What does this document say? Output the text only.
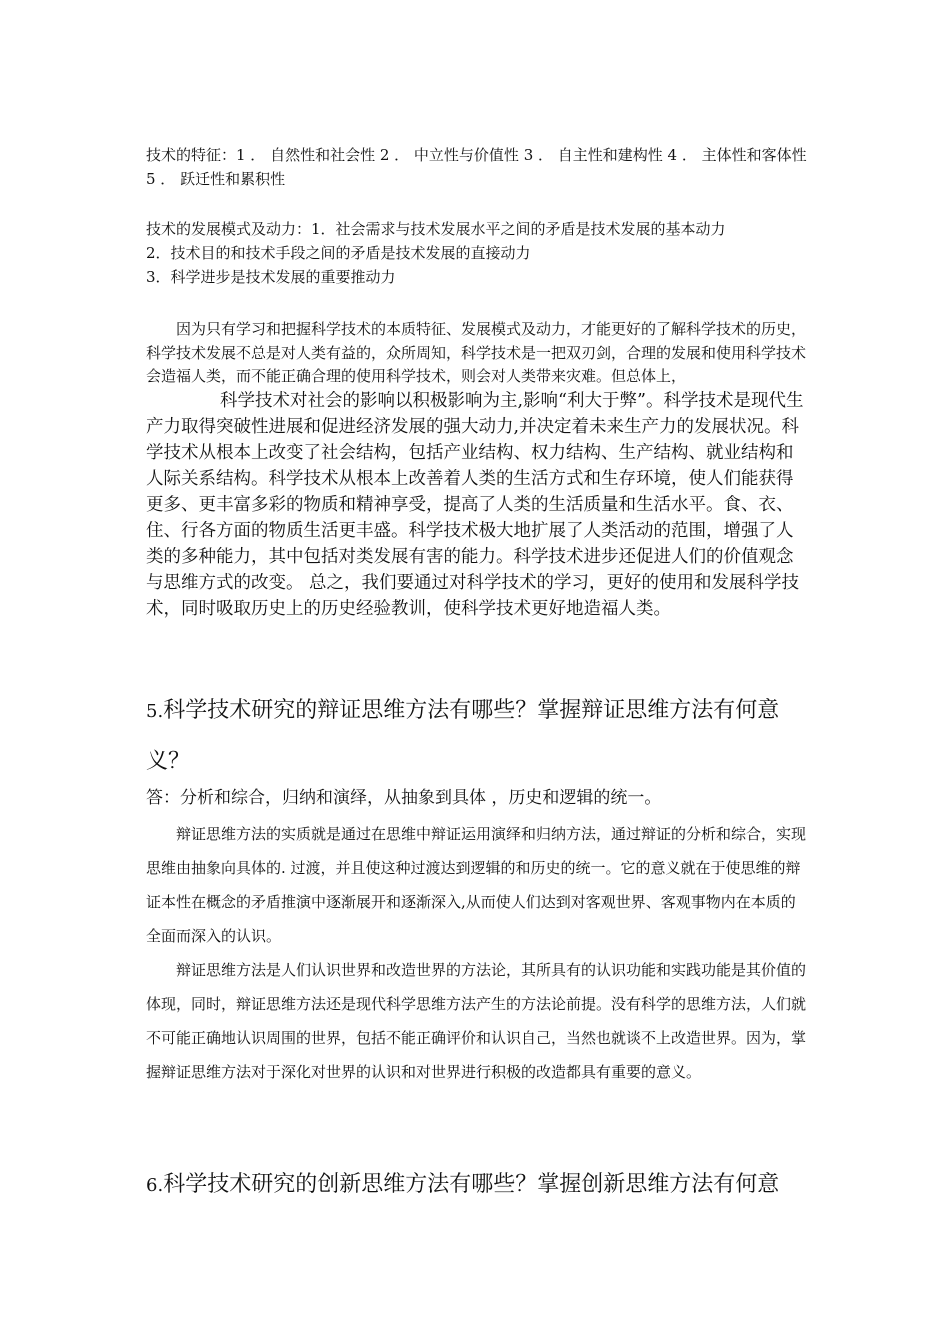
技术的特征：1 ． 自然性和社会性 2 ． 中立性与价值性 3 ． 自主性和建构性 4 ． 主体性和客体性 5 ． 跃迁性和累积性

技术的发展模式及动力：1．社会需求与技术发展水平之间的矛盾是技术发展的基本动力
2．技术目的和技术手段之间的矛盾是技术发展的直接动力
3．科学进步是技术发展的重要推动力

因为只有学习和把握科学技术的本质特征、发展模式及动力，才能更好的了解科学技术的历史，科学技术发展不总是对人类有益的，众所周知，科学技术是一把双刃剑，合理的发展和使用科学技术会造福人类，而不能正确合理的使用科学技术，则会对人类带来灾难。但总体上，

科学技术对社会的影响以积极影响为主,影响“利大于弊”。科学技术是现代生产力取得突破性进展和促进经济发展的强大动力,并决定着未来生产力的发展状况。科学技术从根本上改变了社会结构，包括产业结构、权力结构、生产结构、就业结构和人际关系结构。科学技术从根本上改善着人类的生活方式和生存环境，使人们能获得更多、更丰富多彩的物质和精神享受，提高了人类的生活质量和生活水平。食、衣、住、行各方面的物质生活更丰盛。科学技术极大地扩展了人类活动的范围，增强了人类的多种能力，其中包括对类发展有害的能力。科学技术进步还促进人们的价值观念与思维方式的改变。 总之，我们要通过对科学技术的学习，更好的使用和发展科学技术，同时吸取历史上的历史经验教训，使科学技术更好地造福人类。

5.科学技术研究的辩证思维方法有哪些？掌握辩证思维方法有何意义？

答：分析和综合，归纳和演绎，从抽象到具体 ，历史和逻辑的统一。

辩证思维方法的实质就是通过在思维中辩证运用演绎和归纳方法，通过辩证的分析和综合，实现思维由抽象向具体的. 过渡，并且使这种过渡达到逻辑的和历史的统一。它的意义就在于使思维的辩证本性在概念的矛盾推演中逐渐展开和逐渐深入,从而使人们达到对客观世界、客观事物内在本质的全面而深入的认识。

辩证思维方法是人们认识世界和改造世界的方法论，其所具有的认识功能和实践功能是其价值的体现，同时，辩证思维方法还是现代科学思维方法产生的方法论前提。没有科学的思维方法，人们就不可能正确地认识周围的世界，包括不能正确评价和认识自己，当然也就谈不上改造世界。因为，掌握辩证思维方法对于深化对世界的认识和对世界进行积极的改造都具有重要的意义。

6.科学技术研究的创新思维方法有哪些？掌握创新思维方法有何意
